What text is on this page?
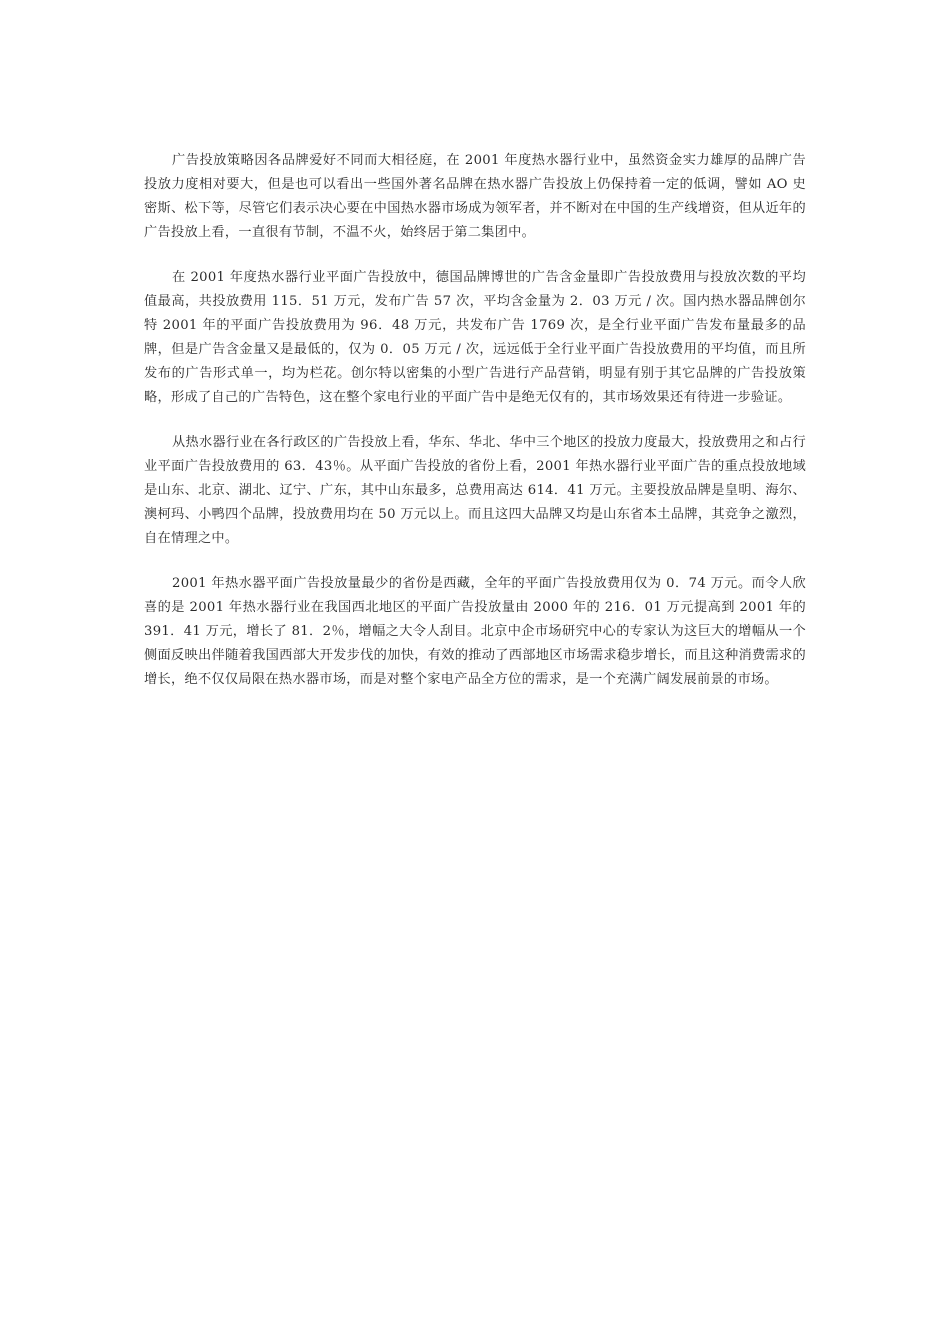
广告投放策略因各品牌爱好不同而大相径庭，在 2001 年度热水器行业中，虽然资金实力雄厚的品牌广告投放力度相对要大，但是也可以看出一些国外著名品牌在热水器广告投放上仍保持着一定的低调，譬如 AO 史密斯、松下等，尽管它们表示决心要在中国热水器市场成为领军者，并不断对在中国的生产线增资，但从近年的广告投放上看，一直很有节制，不温不火，始终居于第二集团中。

在 2001 年度热水器行业平面广告投放中，德国品牌博世的广告含金量即广告投放费用与投放次数的平均值最高，共投放费用 115．51 万元，发布广告 57 次，平均含金量为 2．03 万元 / 次。国内热水器品牌创尔特 2001 年的平面广告投放费用为 96．48 万元，共发布广告 1769 次，是全行业平面广告发布量最多的品牌，但是广告含金量又是最低的，仅为 0．05 万元 / 次，远远低于全行业平面广告投放费用的平均值，而且所发布的广告形式单一，均为栏花。创尔特以密集的小型广告进行产品营销，明显有别于其它品牌的广告投放策略，形成了自己的广告特色，这在整个家电行业的平面广告中是绝无仅有的，其市场效果还有待进一步验证。

从热水器行业在各行政区的广告投放上看，华东、华北、华中三个地区的投放力度最大，投放费用之和占行业平面广告投放费用的 63．43％。从平面广告投放的省份上看，2001 年热水器行业平面广告的重点投放地域是山东、北京、湖北、辽宁、广东，其中山东最多，总费用高达 614．41 万元。主要投放品牌是皇明、海尔、澳柯玛、小鸭四个品牌，投放费用均在 50 万元以上。而且这四大品牌又均是山东省本土品牌，其竞争之激烈，自在情理之中。

2001 年热水器平面广告投放量最少的省份是西藏，全年的平面广告投放费用仅为 0．74 万元。而令人欣喜的是 2001 年热水器行业在我国西北地区的平面广告投放量由 2000 年的 216．01 万元提高到 2001 年的 391．41 万元，增长了 81．2％，增幅之大令人刮目。北京中企市场研究中心的专家认为这巨大的增幅从一个侧面反映出伴随着我国西部大开发步伐的加快，有效的推动了西部地区市场需求稳步增长，而且这种消费需求的增长，绝不仅仅局限在热水器市场，而是对整个家电产品全方位的需求，是一个充满广阔发展前景的市场。
